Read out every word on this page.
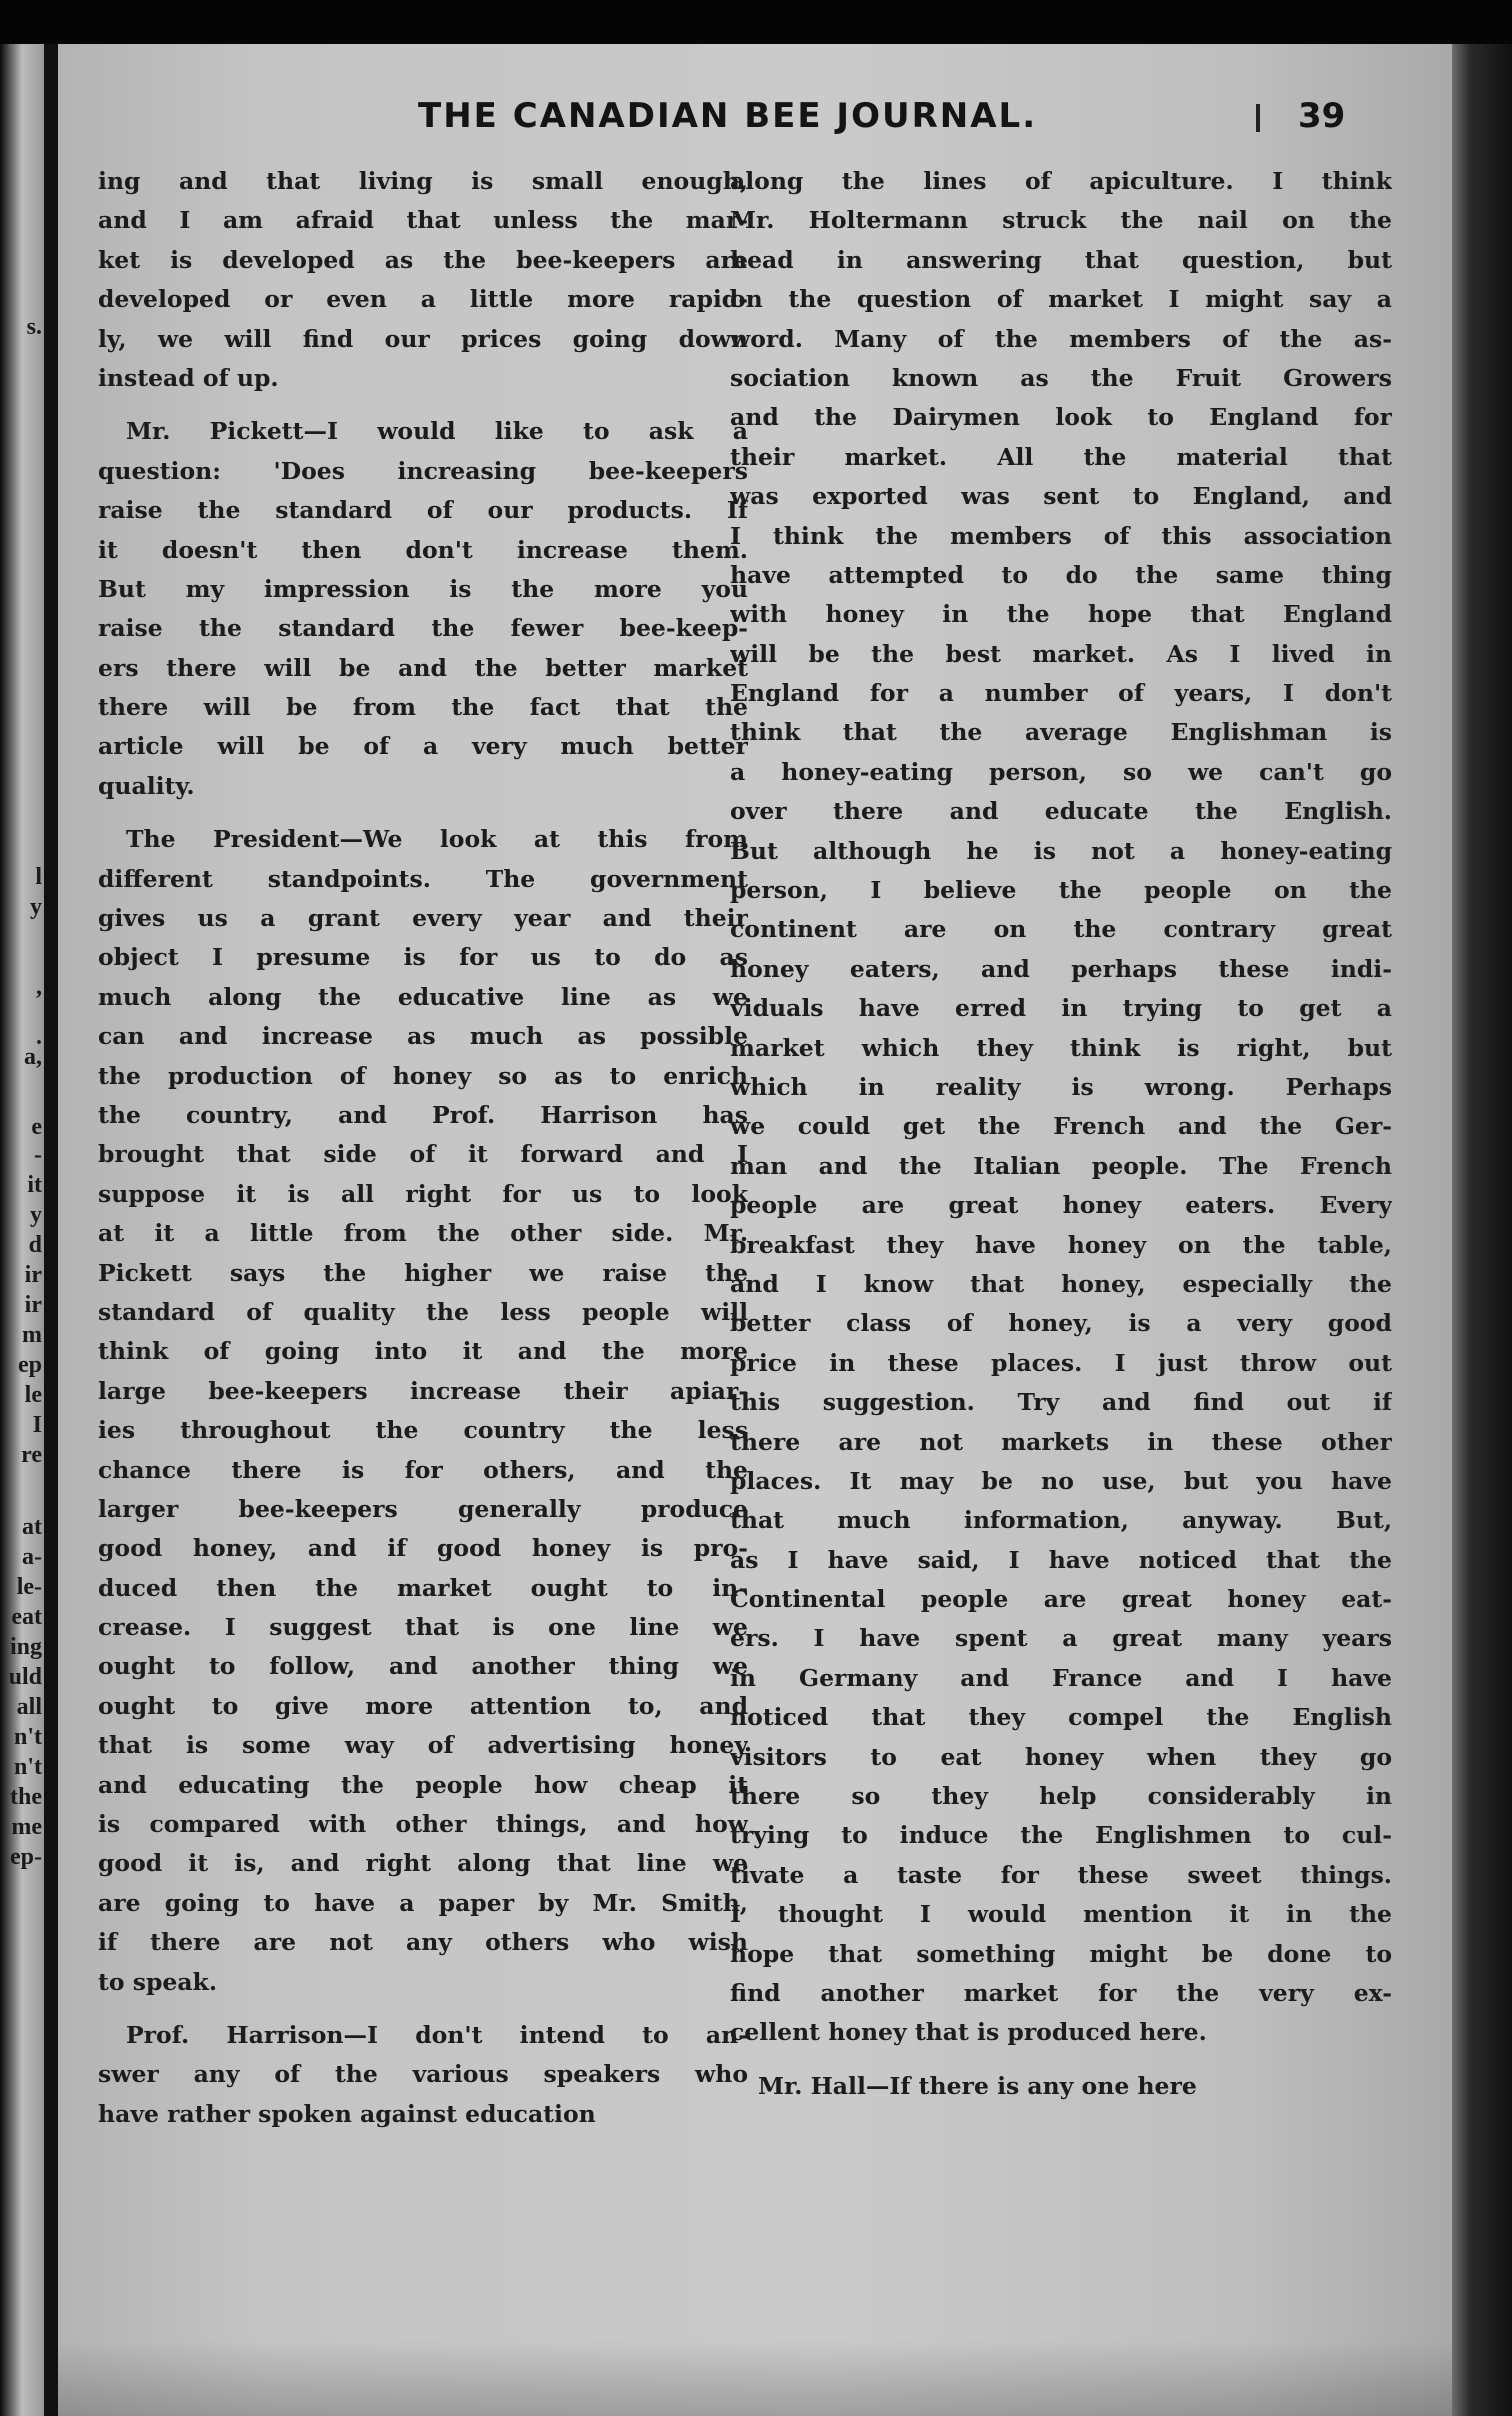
s.
l
y
,
.
a,
e
-
it
y
d
ir
ir
m
ep
le
I
re
at
a-
le-
eat
ing
uld
all
n't
n't
the
me
ep-
THE CANADIAN BEE JOURNAL.	39
ing and that living is small enough,
and I am afraid that unless the mar-
ket is developed as the bee-keepers are
developed or even a little more rapid-
ly, we will find our prices going down
instead of up.
Mr. Pickett—I would like to ask a
question: 'Does increasing bee-keepers
raise the standard of our products. If
it doesn't then don't increase them.
But my impression is the more you
raise the standard the fewer bee-keep-
ers there will be and the better market
there will be from the fact that the
article will be of a very much better
quality.
The President—We look at this from
different standpoints. The government
gives us a grant every year and their
object I presume is for us to do as
much along the educative line as we
can and increase as much as possible
the production of honey so as to enrich
the country, and Prof. Harrison has
brought that side of it forward and I
suppose it is all right for us to look
at it a little from the other side. Mr.
Pickett says the higher we raise the
standard of quality the less people will
think of going into it and the more
large bee-keepers increase their apiar-
ies throughout the country the less
chance there is for others, and the
larger bee-keepers generally produce
good honey, and if good honey is pro-
duced then the market ought to in-
crease. I suggest that is one line we
ought to follow, and another thing we
ought to give more attention to, and
that is some way of advertising honey
and educating the people how cheap it
is compared with other things, and how
good it is, and right along that line we
are going to have a paper by Mr. Smith,
if there are not any others who wish
to speak.
Prof. Harrison—I don't intend to an-
swer any of the various speakers who
have rather spoken against education
along the lines of apiculture. I think
Mr. Holtermann struck the nail on the
head in answering that question, but
on the question of market I might say a
word. Many of the members of the as-
sociation known as the Fruit Growers
and the Dairymen look to England for
their market. All the material that
was exported was sent to England, and
I think the members of this association
have attempted to do the same thing
with honey in the hope that England
will be the best market. As I lived in
England for a number of years, I don't
think that the average Englishman is
a honey-eating person, so we can't go
over there and educate the English.
But although he is not a honey-eating
person, I believe the people on the
continent are on the contrary great
honey eaters, and perhaps these indi-
viduals have erred in trying to get a
market which they think is right, but
which in reality is wrong. Perhaps
we could get the French and the Ger-
man and the Italian people. The French
people are great honey eaters. Every
breakfast they have honey on the table,
and I know that honey, especially the
better class of honey, is a very good
price in these places. I just throw out
this suggestion. Try and find out if
there are not markets in these other
places. It may be no use, but you have
that much information, anyway. But,
as I have said, I have noticed that the
Continental people are great honey eat-
ers. I have spent a great many years
in Germany and France and I have
noticed that they compel the English
visitors to eat honey when they go
there so they help considerably in
trying to induce the Englishmen to cul-
tivate a taste for these sweet things.
I thought I would mention it in the
hope that something might be done to
find another market for the very ex-
cellent honey that is produced here.
Mr. Hall—If there is any one here
